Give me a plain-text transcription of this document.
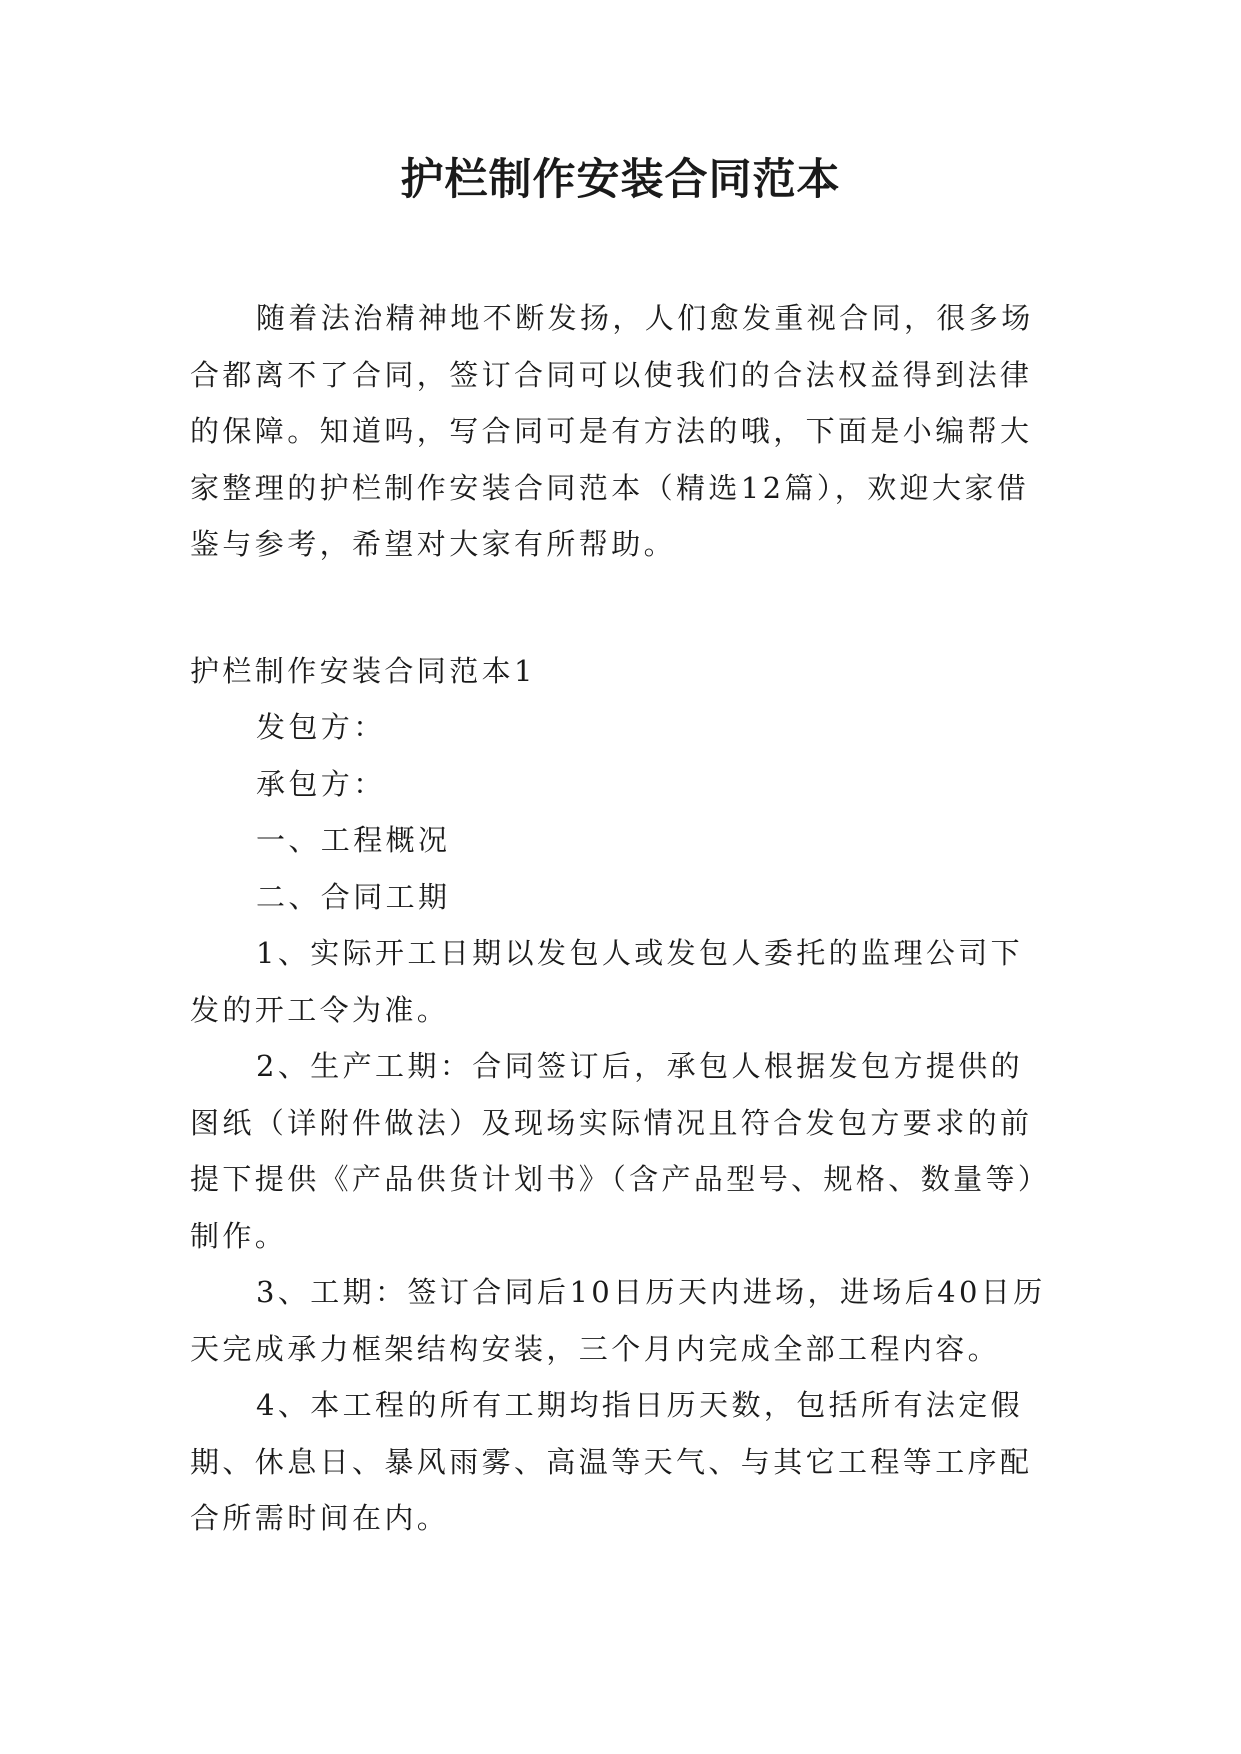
护栏制作安装合同范本

随着法治精神地不断发扬，人们愈发重视合同，很多场合都离不了合同，签订合同可以使我们的合法权益得到法律的保障。知道吗，写合同可是有方法的哦，下面是小编帮大家整理的护栏制作安装合同范本（精选12篇），欢迎大家借鉴与参考，希望对大家有所帮助。

护栏制作安装合同范本1

发包方：

承包方：

一、工程概况

二、合同工期

1、实际开工日期以发包人或发包人委托的监理公司下发的开工令为准。

2、生产工期：合同签订后，承包人根据发包方提供的图纸（详附件做法）及现场实际情况且符合发包方要求的前提下提供《产品供货计划书》（含产品型号、规格、数量等）制作。

3、工期：签订合同后10日历天内进场，进场后40日历天完成承力框架结构安装，三个月内完成全部工程内容。

4、本工程的所有工期均指日历天数，包括所有法定假期、休息日、暴风雨雾、高温等天气、与其它工程等工序配合所需时间在内。
